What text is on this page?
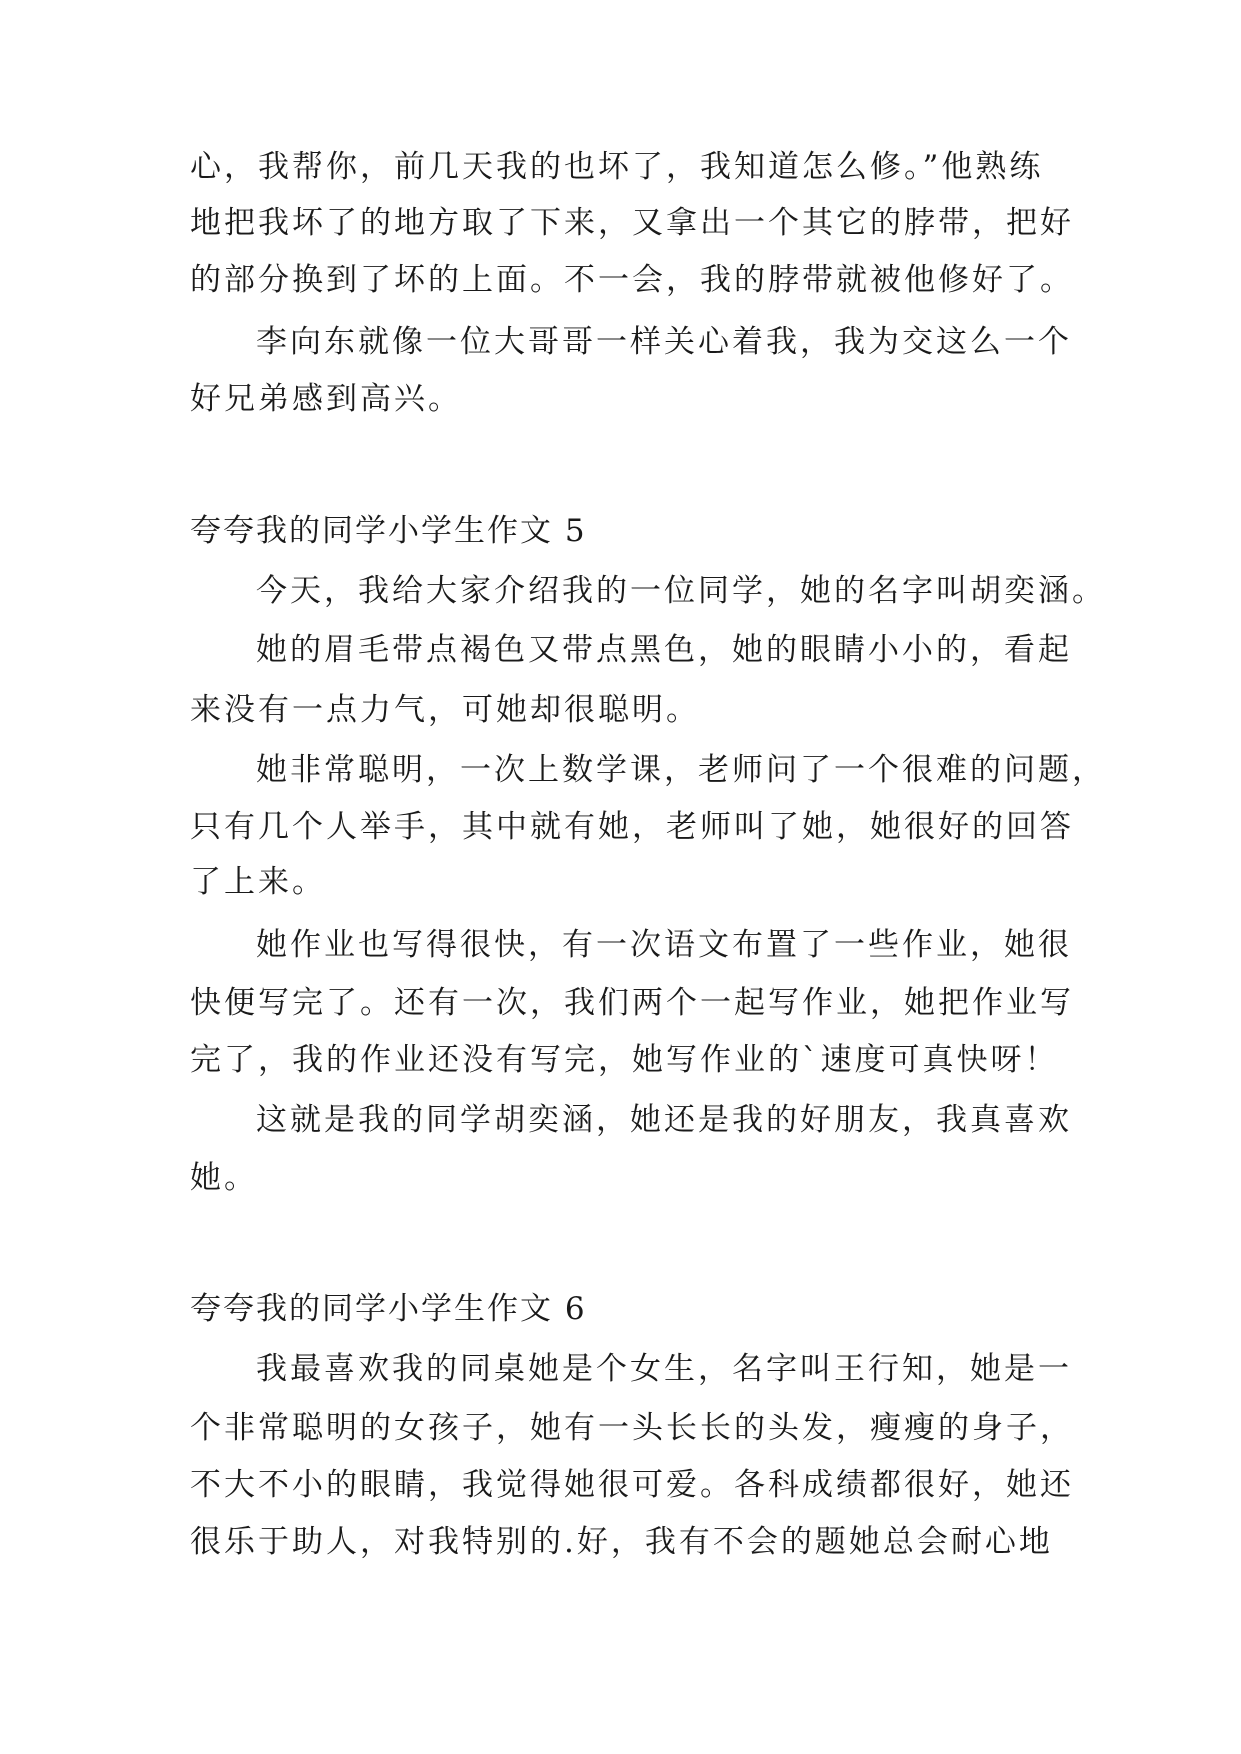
心，我帮你，前几天我的也坏了，我知道怎么修。”他熟练
地把我坏了的地方取了下来，又拿出一个其它的脖带，把好
的部分换到了坏的上面。不一会，我的脖带就被他修好了。
李向东就像一位大哥哥一样关心着我，我为交这么一个
好兄弟感到高兴。
夸夸我的同学小学生作文 5
今天，我给大家介绍我的一位同学，她的名字叫胡奕涵。
她的眉毛带点褐色又带点黑色，她的眼睛小小的，看起
来没有一点力气，可她却很聪明。
她非常聪明，一次上数学课，老师问了一个很难的问题，
只有几个人举手，其中就有她，老师叫了她，她很好的回答
了上来。
她作业也写得很快，有一次语文布置了一些作业，她很
快便写完了。还有一次，我们两个一起写作业，她把作业写
完了，我的作业还没有写完，她写作业的`速度可真快呀！
这就是我的同学胡奕涵，她还是我的好朋友，我真喜欢
她。
夸夸我的同学小学生作文 6
我最喜欢我的同桌她是个女生，名字叫王行知，她是一
个非常聪明的女孩子，她有一头长长的头发，瘦瘦的身子，
不大不小的眼睛，我觉得她很可爱。各科成绩都很好，她还
很乐于助人，对我特别的.好，我有不会的题她总会耐心地
